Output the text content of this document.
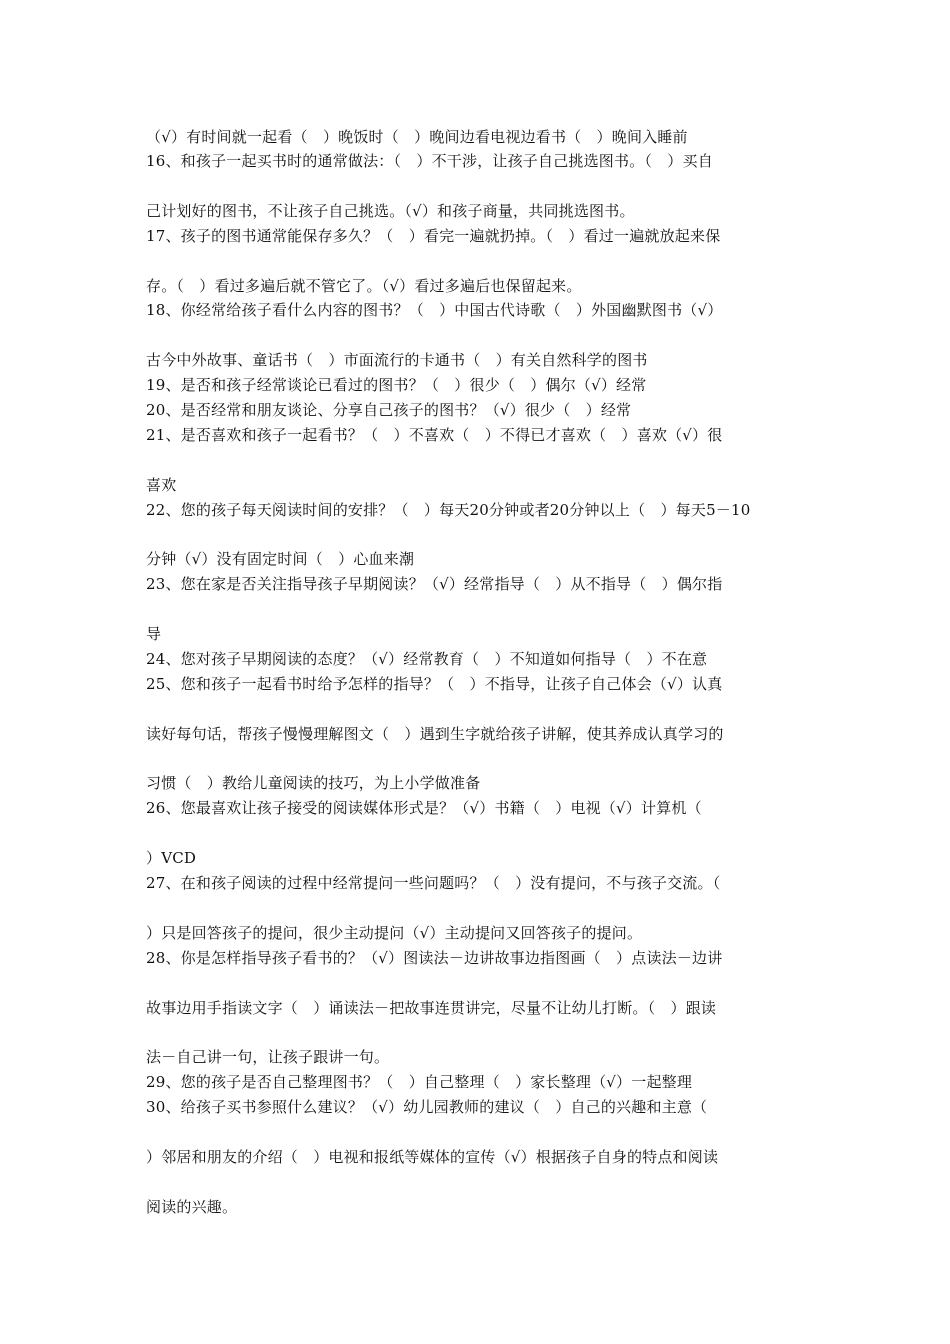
（√）有时间就一起看（　）晚饭时（　）晚间边看电视边看书（　）晚间入睡前
16、和孩子一起买书时的通常做法：（　）不干涉，让孩子自己挑选图书。（　）买自
己计划好的图书，不让孩子自己挑选。（√）和孩子商量，共同挑选图书。
17、孩子的图书通常能保存多久？（　）看完一遍就扔掉。（　）看过一遍就放起来保
存。（　）看过多遍后就不管它了。（√）看过多遍后也保留起来。
18、你经常给孩子看什么内容的图书？（　）中国古代诗歌（　）外国幽默图书（√）
古今中外故事、童话书（　）市面流行的卡通书（　）有关自然科学的图书
19、是否和孩子经常谈论已看过的图书？（　）很少（　）偶尔（√）经常
20、是否经常和朋友谈论、分享自己孩子的图书？（√）很少（　）经常
21、是否喜欢和孩子一起看书？（　）不喜欢（　）不得已才喜欢（　）喜欢（√）很
喜欢
22、您的孩子每天阅读时间的安排？（　）每天20分钟或者20分钟以上（　）每天5－10
分钟（√）没有固定时间（　）心血来潮
23、您在家是否关注指导孩子早期阅读？（√）经常指导（　）从不指导（　）偶尔指
导
24、您对孩子早期阅读的态度？（√）经常教育（　）不知道如何指导（　）不在意
25、您和孩子一起看书时给予怎样的指导？（　）不指导，让孩子自己体会（√）认真
读好每句话，帮孩子慢慢理解图文（　）遇到生字就给孩子讲解，使其养成认真学习的
习惯（　）教给儿童阅读的技巧，为上小学做准备
26、您最喜欢让孩子接受的阅读媒体形式是？（√）书籍（　）电视（√）计算机（
）VCD
27、在和孩子阅读的过程中经常提问一些问题吗？（　）没有提问，不与孩子交流。（
）只是回答孩子的提问，很少主动提问（√）主动提问又回答孩子的提问。
28、你是怎样指导孩子看书的？（√）图读法－边讲故事边指图画（　）点读法－边讲
故事边用手指读文字（　）诵读法－把故事连贯讲完，尽量不让幼儿打断。（　）跟读
法－自己讲一句，让孩子跟讲一句。
29、您的孩子是否自己整理图书？（　）自己整理（　）家长整理（√）一起整理
30、给孩子买书参照什么建议？（√）幼儿园教师的建议（　）自己的兴趣和主意（
）邻居和朋友的介绍（　）电视和报纸等媒体的宣传（√）根据孩子自身的特点和阅读
阅读的兴趣。
